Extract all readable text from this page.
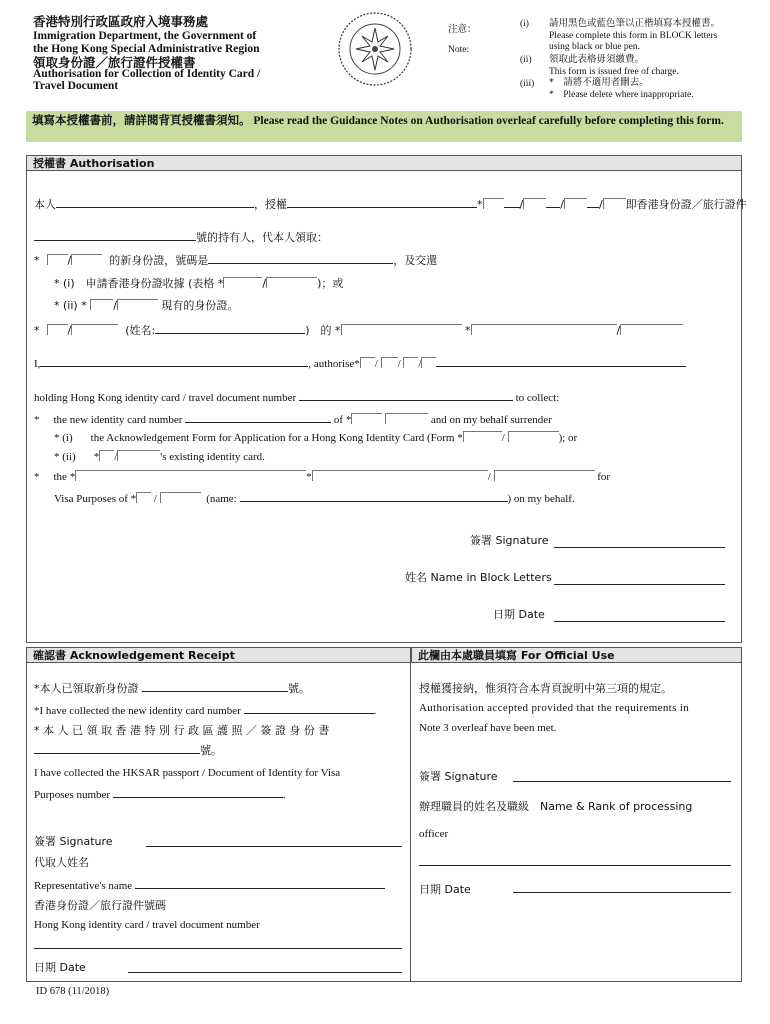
香港特別行政區政府入境事務處
Immigration Department, the Government of
the Hong Kong Special Administrative Region
領取身份證／旅行證件授權書
Authorisation for Collection of Identity Card /
Travel Document
注意：
Note:
(i) 請用黑色或藍色筆以正楷填寫本授權書。
Please complete this form in BLOCK letters
using black or blue pen.
(ii) 領取此表格毋須繳費。
This form is issued free of charge.
(iii) *　請將不適用者刪去。
*　Please delete where inappropriate.
填寫本授權書前，請詳閱背頁授權書須知。 Please read the Guidance Notes on Authorisation overleaf carefully before completing this form.
授權書 Authorisation
本人	，授權	*	/	/	/ 即香港身份證／旅行證件
號的持有人，代本人領取：
*	/	的新身份證，號碼是	，及交還
* (i)　申請香港身份證收據 (表格 *	/	)；或
* (ii) * /	現有的身份證。
*	/	(姓名:	)　的 *	*	/
I,	, authorise* / / /
holding Hong Kong identity card / travel document number	to collect:
* the new identity card number	of *	and on my behalf surrender
* (i) the Acknowledgement Form for Application for a Hong Kong Identity Card (Form *	/	); or
* (ii) * /	's existing identity card.
* the *	*	/	for
Visa Purposes of * /	(name:	) on my behalf.
簽署 Signature
姓名 Name in Block Letters
日期 Date
確認書 Acknowledgement Receipt
*本人已領取新身份證	號。
*I have collected the new identity card number	.
* 本 人 已 領 取 香 港 特 別 行 政 區 護 照 ／ 簽 證 身 份 書
號。
I have collected the HKSAR passport / Document of Identity for Visa
Purposes number	.
簽署 Signature
代取人姓名
Representative's name
香港身份證／旅行證件號碼
Hong Kong identity card / travel document number
日期 Date
此欄由本處職員填寫 For Official Use
授權獲接納，惟須符合本背頁說明中第三項的規定。
Authorisation accepted provided that the requirements in
Note 3 overleaf have been met.
簽署 Signature
辦理職員的姓名及職級　Name & Rank of processing
officer
日期 Date
ID 678 (11/2018)
